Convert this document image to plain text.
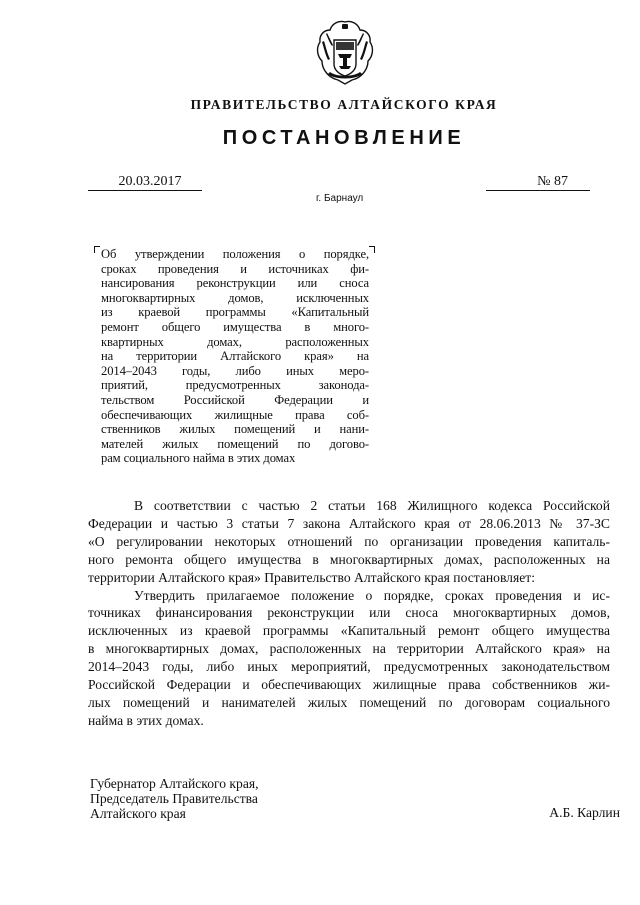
ПРАВИТЕЛЬСТВО АЛТАЙСКОГО КРАЯ
ПОСТАНОВЛЕНИЕ
20.03.2017	№ 87
г. Барнаул
Об утверждении положения о порядке,
сроках проведения и источниках фи-
нансирования реконструкции или сноса
многоквартирных домов, исключенных
из краевой программы «Капитальный
ремонт общего имущества в много-
квартирных домах, расположенных
на территории Алтайского края» на
2014–2043 годы, либо иных меро-
приятий, предусмотренных законода-
тельством Российской Федерации и
обеспечивающих жилищные права соб-
ственников жилых помещений и нани-
мателей жилых помещений по догово-
рам социального найма в этих домах
В соответствии с частью 2 статьи 168 Жилищного кодекса Российской
Федерации и частью 3 статьи 7 закона Алтайского края от 28.06.2013 № 37-ЗС
«О регулировании некоторых отношений по организации проведения капиталь-
ного ремонта общего имущества в многоквартирных домах, расположенных на
территории Алтайского края» Правительство Алтайского края постановляет:
Утвердить прилагаемое положение о порядке, сроках проведения и ис-
точниках финансирования реконструкции или сноса многоквартирных домов,
исключенных из краевой программы «Капитальный ремонт общего имущества
в многоквартирных домах, расположенных на территории Алтайского края» на
2014–2043 годы, либо иных мероприятий, предусмотренных законодательством
Российской Федерации и обеспечивающих жилищные права собственников жи-
лых помещений и нанимателей жилых помещений по договорам социального
найма в этих домах.
Губернатор Алтайского края,
Председатель Правительства
Алтайского края	А.Б. Карлин
